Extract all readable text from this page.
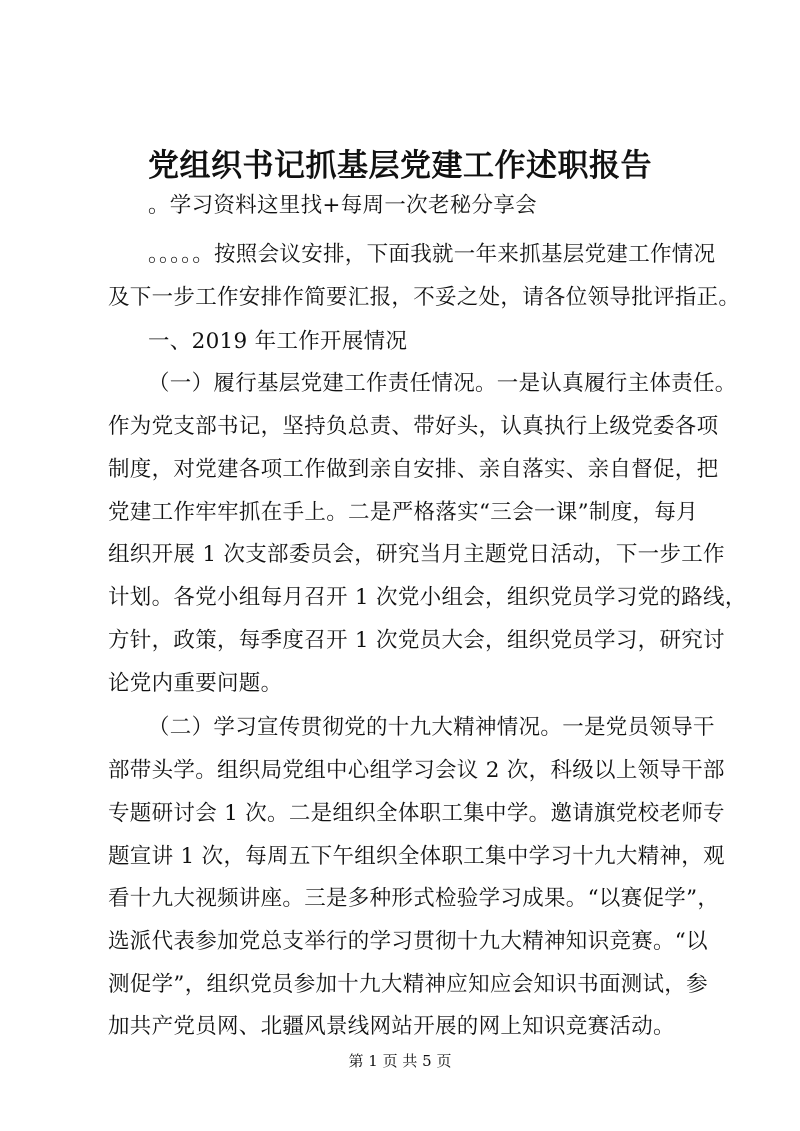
党组织书记抓基层党建工作述职报告
。学习资料这里找+每周一次老秘分享会
。。。。。按照会议安排，下面我就一年来抓基层党建工作情况
及下一步工作安排作简要汇报，不妥之处，请各位领导批评指正。
一、2019 年工作开展情况
（一）履行基层党建工作责任情况。一是认真履行主体责任。
作为党支部书记，坚持负总责、带好头，认真执行上级党委各项
制度，对党建各项工作做到亲自安排、亲自落实、亲自督促，把
党建工作牢牢抓在手上。二是严格落实“三会一课”制度，每月
组织开展 1 次支部委员会，研究当月主题党日活动，下一步工作
计划。各党小组每月召开 1 次党小组会，组织党员学习党的路线，
方针，政策，每季度召开 1 次党员大会，组织党员学习，研究讨
论党内重要问题。
（二）学习宣传贯彻党的十九大精神情况。一是党员领导干
部带头学。组织局党组中心组学习会议 2 次，科级以上领导干部
专题研讨会 1 次。二是组织全体职工集中学。邀请旗党校老师专
题宣讲 1 次，每周五下午组织全体职工集中学习十九大精神，观
看十九大视频讲座。三是多种形式检验学习成果。“以赛促学”，
选派代表参加党总支举行的学习贯彻十九大精神知识竞赛。“以
测促学”，组织党员参加十九大精神应知应会知识书面测试，参
加共产党员网、北疆风景线网站开展的网上知识竞赛活动。
第 1 页 共 5 页
